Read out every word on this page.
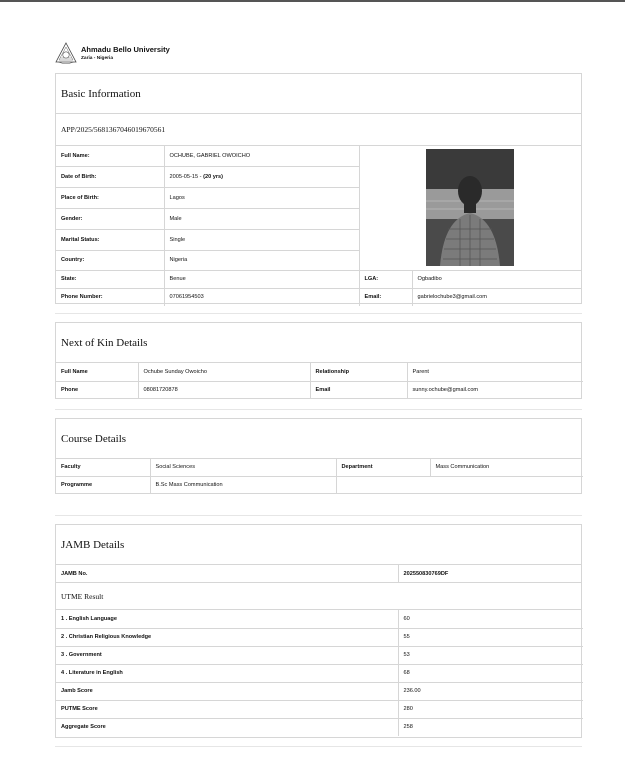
Ahmadu Bello University
Zaria - Nigeria
Basic Information
APP/2025/5681367046019670561
Full Name:	OCHUBE, GABRIEL OWOICHO	

Date of Birth:	2005-05-15 - (20 yrs)		
Place of Birth:	Lagos		
Gender:	Male		
Marital Status:	Single		
Country:	Nigeria		
State:	Benue	LGA:	Ogbadibo
Phone Number:	07061954503	Email:	gabrielochube3@gmail.com
Next of Kin Details
Full Name	Ochube Sunday Owoicho	Relationship	Parent
Phone	08081720878	Email	sunny.ochube@gmail.com
Course Details
Faculty	Social Sciences	Department	Mass Communication
Programme	B.Sc Mass Communication		
JAMB Details
JAMB No.	202550830769DF
UTME Result
1 . English Language	60
2 . Christian Religious Knowledge	55
3 . Government	53
4 . Literature in English	68
Jamb Score	236.00
PUTME Score	280
Aggregate Score	258
